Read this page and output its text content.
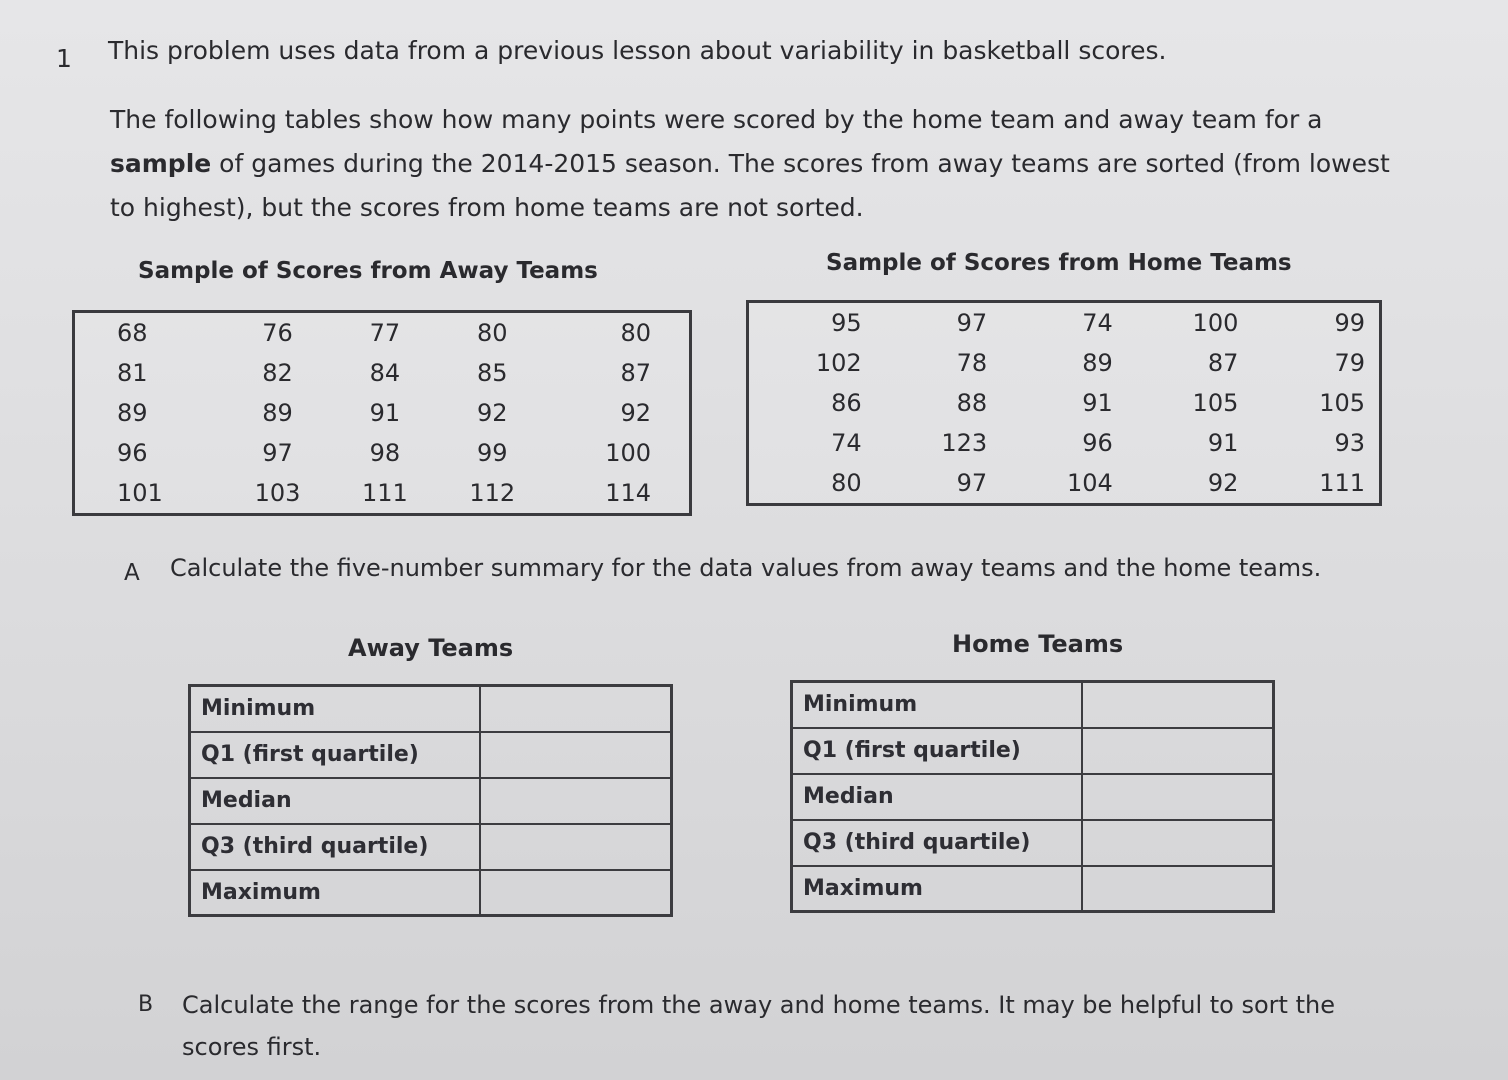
1 This problem uses data from a previous lesson about variability in basketball scores.
The following tables show how many points were scored by the home team and away team for a sample of games during the 2014-2015 season. The scores from away teams are sorted (from lowest to highest), but the scores from home teams are not sorted.
Sample of Scores from Away Teams	Sample of Scores from Home Teams
68	76	77	80	80
81	82	84	85	87
89	89	91	92	92
96	97	98	99	100
101	103	111	112	114
95	97	74	100	99
102	78	89	87	79
86	88	91	105	105
74	123	96	91	93
80	97	104	92	111
A Calculate the five-number summary for the data values from away teams and the home teams.
Away Teams	Home Teams
Minimum	
Q1 (first quartile)	
Median	
Q3 (third quartile)	
Maximum	
Minimum	
Q1 (first quartile)	
Median	
Q3 (third quartile)	
Maximum	
B Calculate the range for the scores from the away and home teams. It may be helpful to sort the scores first.
